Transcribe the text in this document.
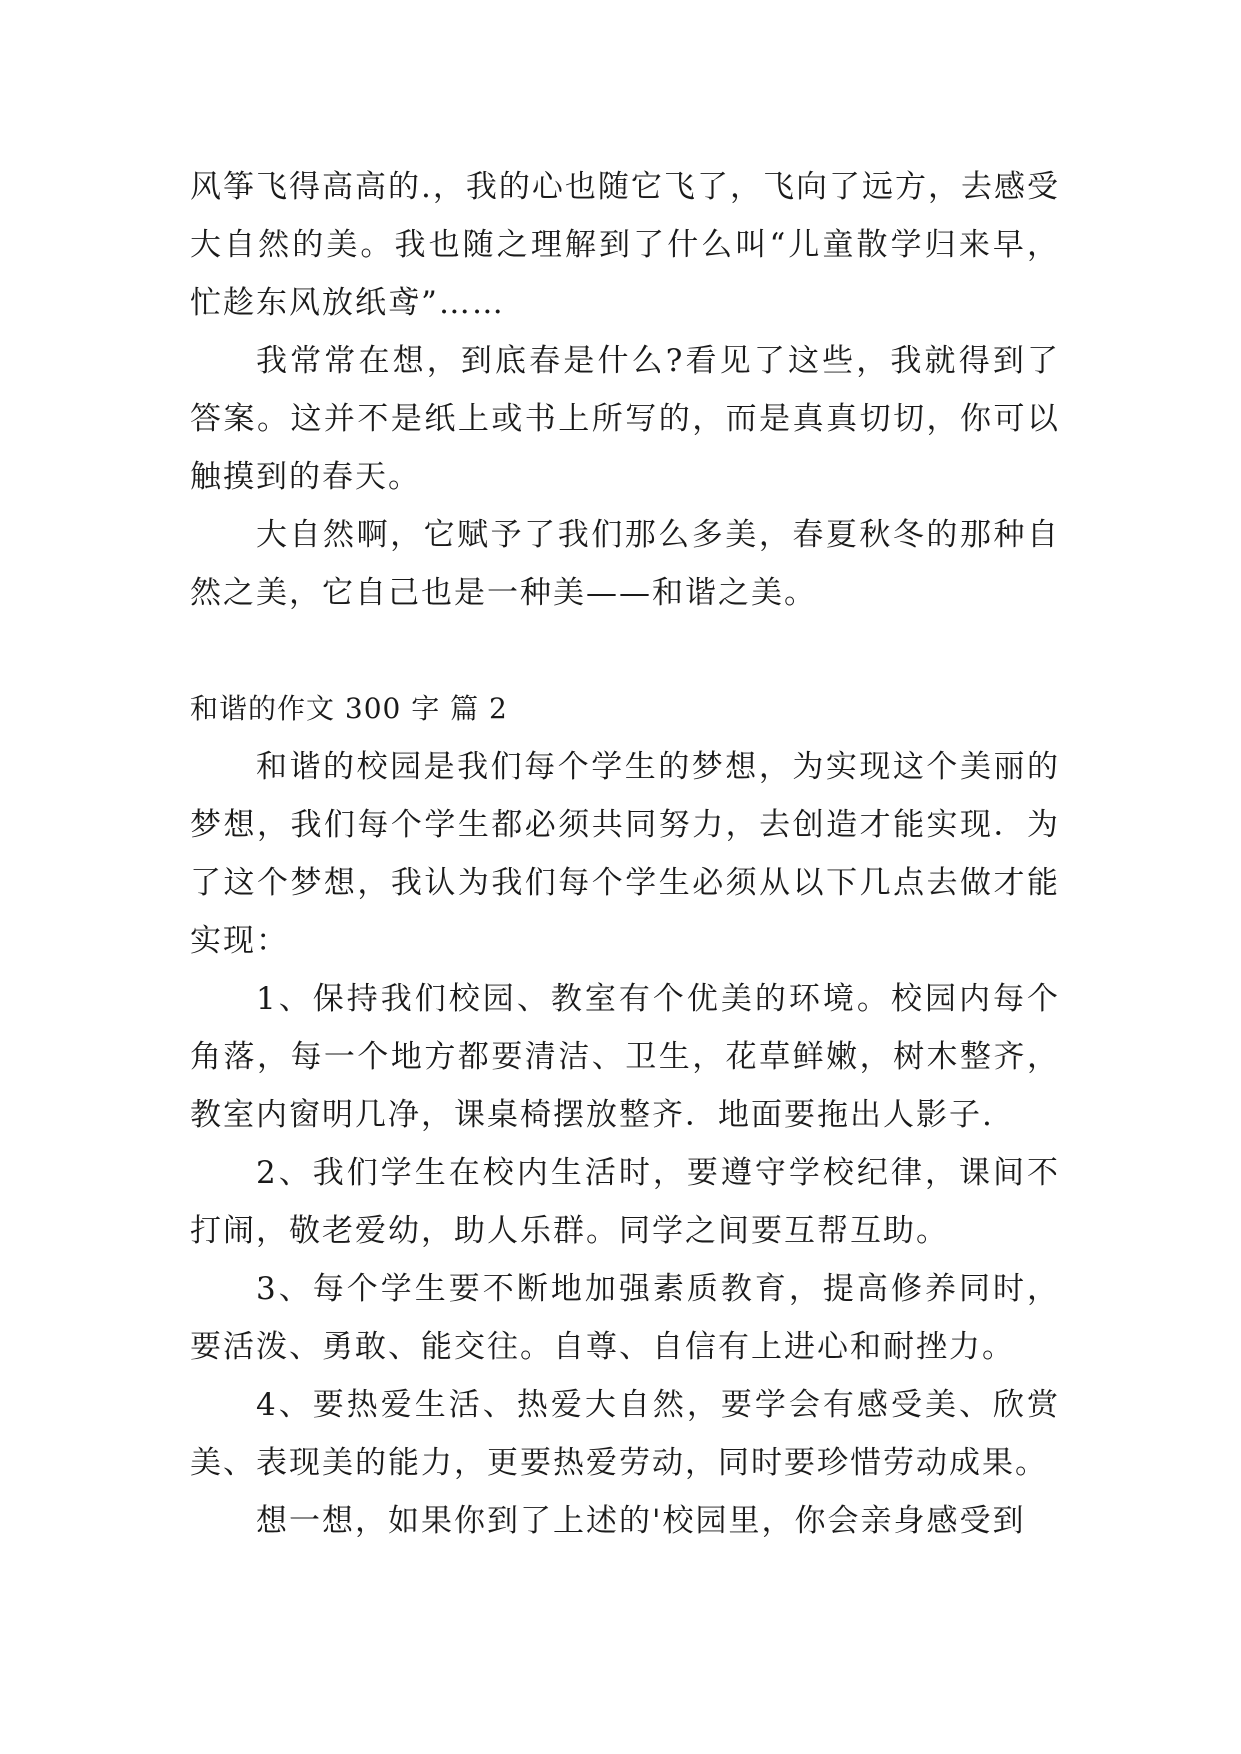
风筝飞得高高的.，我的心也随它飞了，飞向了远方，去感受大自然的美。我也随之理解到了什么叫“儿童散学归来早，忙趁东风放纸鸢”……

我常常在想，到底春是什么?看见了这些，我就得到了答案。这并不是纸上或书上所写的，而是真真切切，你可以触摸到的春天。

大自然啊，它赋予了我们那么多美，春夏秋冬的那种自然之美，它自己也是一种美——和谐之美。

和谐的作文 300 字 篇 2

和谐的校园是我们每个学生的梦想，为实现这个美丽的梦想，我们每个学生都必须共同努力，去创造才能实现．为了这个梦想，我认为我们每个学生必须从以下几点去做才能实现：

1、保持我们校园、教室有个优美的环境。校园内每个角落，每一个地方都要清洁、卫生，花草鲜嫩，树木整齐，教室内窗明几净，课桌椅摆放整齐．地面要拖出人影子.

2、我们学生在校内生活时，要遵守学校纪律，课间不打闹，敬老爱幼，助人乐群。同学之间要互帮互助。

3、每个学生要不断地加强素质教育，提高修养同时，要活泼、勇敢、能交往。自尊、自信有上进心和耐挫力。

4、要热爱生活、热爱大自然，要学会有感受美、欣赏美、表现美的能力，更要热爱劳动，同时要珍惜劳动成果。

想一想，如果你到了上述的'校园里，你会亲身感受到
